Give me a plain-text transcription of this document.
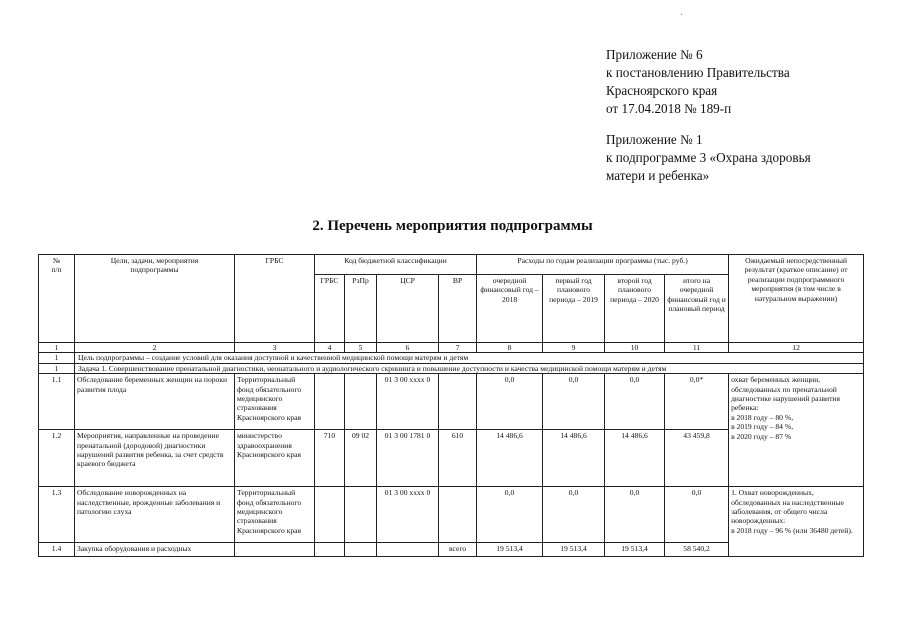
·
Приложение № 6
к постановлению Правительства
Красноярского края
от 17.04.2018 № 189-п
Приложение № 1
к подпрограмме 3 «Охрана здоровья
матери и ребенка»
2. Перечень мероприятия подпрограммы
№
п/п	Цели, задачи, мероприятия
подпрограммы	ГРБС	Код бюджетной классификации				Расходы по годам реализации программы (тыс. руб.)				Ожидаемый непосредственный результат (краткое описание) от реализации подпрограммного мероприятия (в том числе в натуральном выражении)
			ГРБС	РзПр	ЦСР	ВР	очередной финансовый год – 2018	первый год планового периода – 2019	второй год планового периода – 2020	итого на очередной финансовый год и плановый период	
1	2	3	4	5	6	7	8	9	10	11	12
1	Цель подпрограммы – создание условий для оказания доступной и качественной медицинской помощи матерям и детям										
1	Задача 1. Совершенствование пренатальной диагностики, неонатального и аудиологического скрининга и повышение доступности и качества медицинской помощи матерям и детям										
1.1	Обследование беременных женщин на пороки развития плода	Территориальный фонд обязательного медицинского страхования Красноярского края			01 3 00 xxxx 0		0,0	0,0	0,0	0,0*	охват беременных женщин, обследованных по пренатальной диагностике нарушений развития ребенка:
в 2018 году – 80 %,
в 2019 году – 84 %,
в 2020 году – 87 %
1.2	Мероприятия, направленные на проведение пренатальной (дородовой) диагностики нарушений развития ребенка, за счет средств краевого бюджета	министерство здравоохранения Красноярского края	710	09 02	01 3 00 1781 0	610	14 486,6	14 486,6	14 486,6	43 459,8	
1.3	Обследование новорожденных на наследственные, врожденные заболевания и патологию слуха	Территориальный фонд обязательного медицинского страхования Красноярского края			01 3 00 xxxx 0		0,0	0,0	0,0	0,0	1. Охват новорожденных, обследованных на наследственные заболевания, от общего числа новорожденных:
в 2018 году – 96 % (или 36480 детей).
1.4	Закупка оборудования и расходных					всего	19 513,4	19 513,4	19 513,4	58 540,2	
